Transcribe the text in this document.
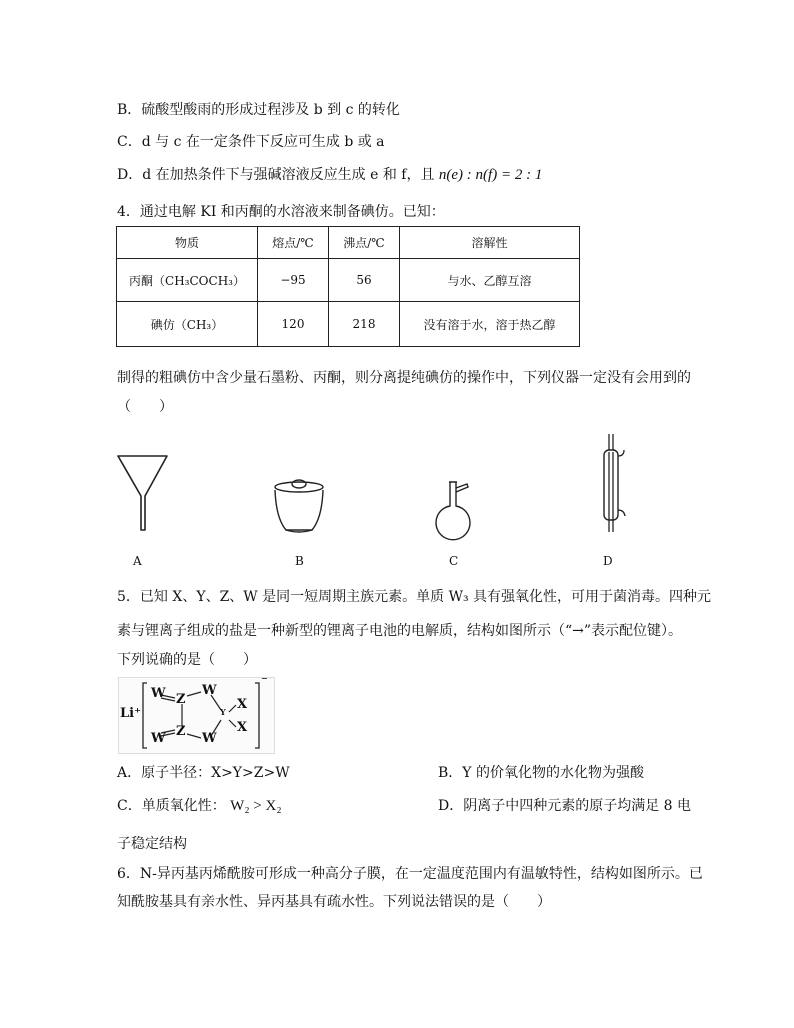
B．硫酸型酸雨的形成过程涉及 b 到 c 的转化
C．d 与 c 在一定条件下反应可生成 b 或 a
D．d 在加热条件下与强碱溶液反应生成 e 和 f，且 n(e) : n(f) = 2 : 1
4．通过电解 KI 和丙酮的水溶液来制备碘仿。已知：
物质	熔点/℃	沸点/℃	溶解性
丙酮（CH₃COCH₃）	−95	56	与水、乙醇互溶
碘仿（CH₃）	120	218	没有溶于水，溶于热乙醇
制得的粗碘仿中含少量石墨粉、丙酮，则分离提纯碘仿的操作中，下列仪器一定没有会用到的
（　　）
A	B	C	D
5．已知 X、Y、Z、W 是同一短周期主族元素。单质 W₃ 具有强氧化性，可用于菌消毒。四种元
素与锂离子组成的盐是一种新型的锂离子电池的电解质，结构如图所示（“→”表示配位键）。
下列说确的是（　　）
Li⁺
⁻
W Z
W
W Z W
Y X
X
A．原子半径：X>Y>Z>W	B．Y 的价氧化物的水化物为强酸
C．单质氧化性： W₂ > X₂	D．阴离子中四种元素的原子均满足 8 电
子稳定结构
6．N-异丙基丙烯酰胺可形成一种高分子膜，在一定温度范围内有温敏特性，结构如图所示。已
知酰胺基具有亲水性、异丙基具有疏水性。下列说法错误的是（　　）
